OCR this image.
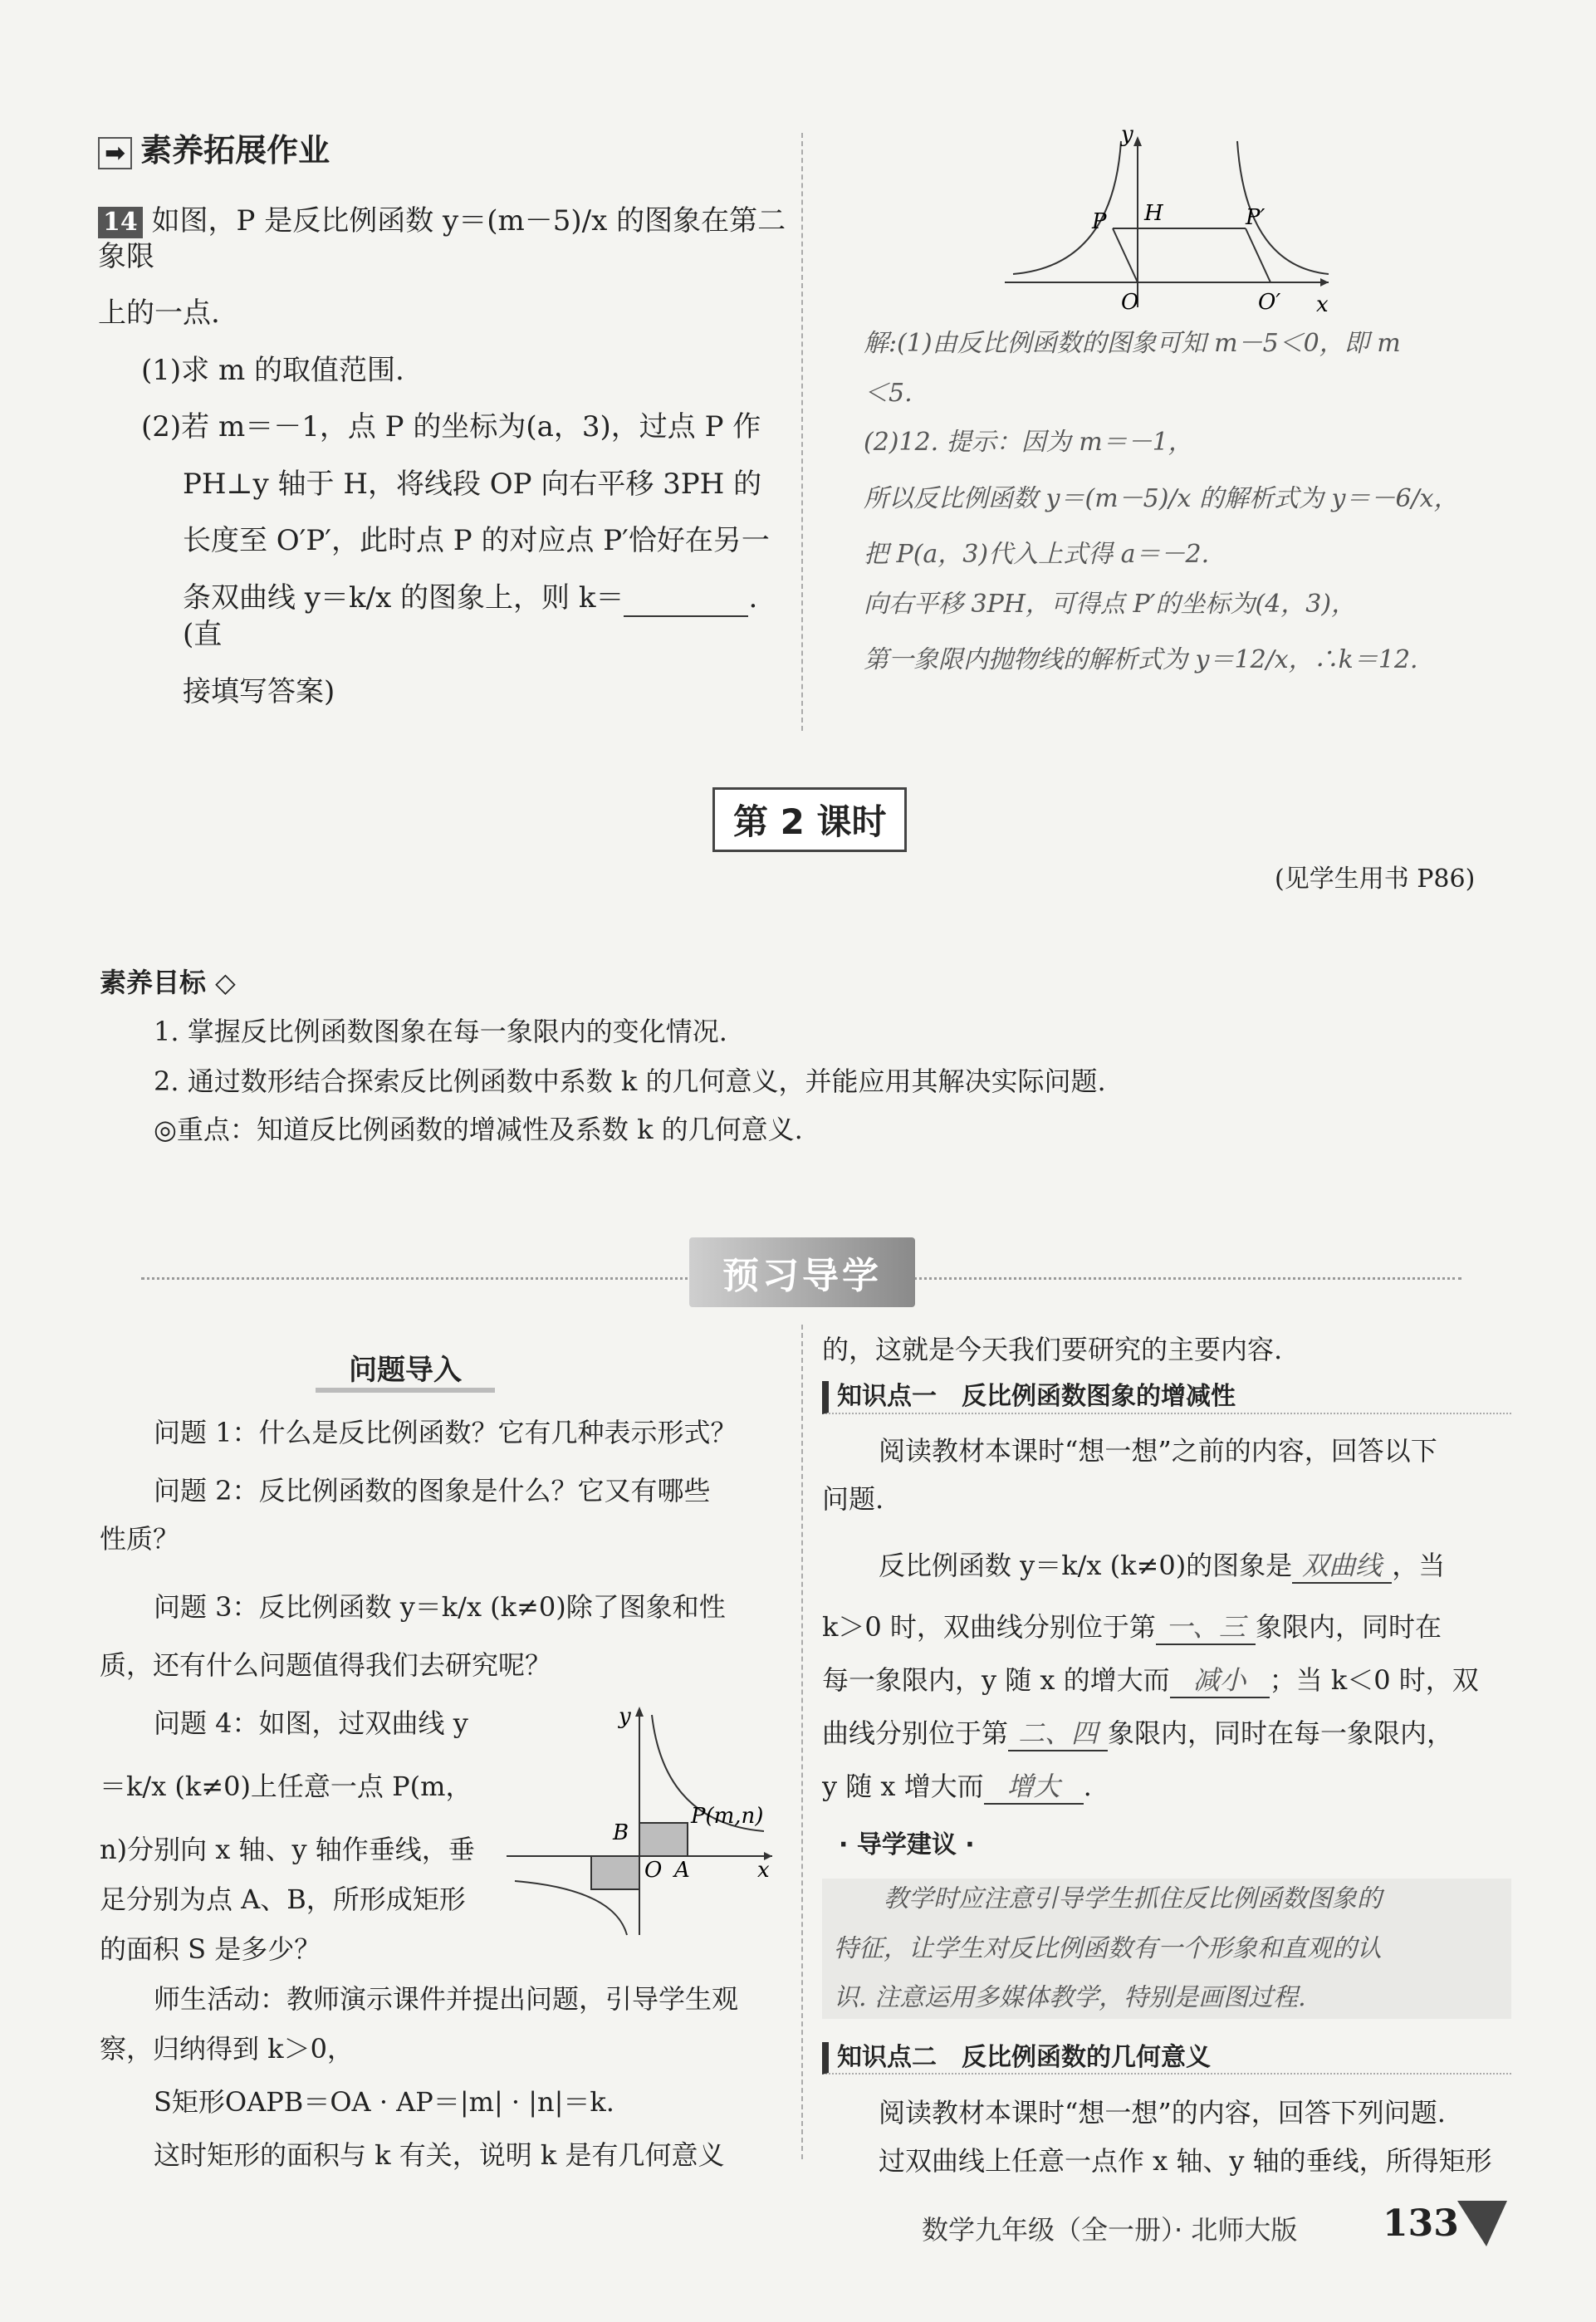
➡ 素养拓展作业
14 如图，P 是反比例函数 y＝(m－5)/x 的图象在第二象限
上的一点.
(1)求 m 的取值范围.
(2)若 m＝－1，点 P 的坐标为(a，3)，过点 P 作
PH⊥y 轴于 H，将线段 OP 向右平移 3PH 的
长度至 O′P′，此时点 P 的对应点 P′恰好在另一
条双曲线 y＝k/x 的图象上，则 k＝	.(直
接填写答案)
y
H
P	P′
O	O′ x
解:(1)由反比例函数的图象可知 m－5＜0，即 m
＜5.
(2)12. 提示：因为 m＝－1，
所以反比例函数 y＝(m－5)/x 的解析式为 y＝－6/x，
把 P(a，3)代入上式得 a＝－2.
向右平移 3PH，可得点 P′的坐标为(4，3)，
第一象限内抛物线的解析式为 y＝12/x，∴k＝12.
第 2 课时
(见学生用书 P86)
素养目标 ◇
1. 掌握反比例函数图象在每一象限内的变化情况.
2. 通过数形结合探索反比例函数中系数 k 的几何意义，并能应用其解决实际问题.
◎重点：知道反比例函数的增减性及系数 k 的几何意义.
预习导学
问题导入
问题 1：什么是反比例函数？它有几种表示形式？
问题 2：反比例函数的图象是什么？它又有哪些
性质？
问题 3：反比例函数 y＝k/x (k≠0)除了图象和性
质，还有什么问题值得我们去研究呢？
问题 4：如图，过双曲线 y
＝k/x (k≠0)上任意一点 P(m，
n)分别向 x 轴、y 轴作垂线，垂
足分别为点 A、B，所形成矩形
的面积 S 是多少？
师生活动：教师演示课件并提出问题，引导学生观
察，归纳得到 k＞0，
S矩形OAPB＝OA · AP＝|m| · |n|＝k.
这时矩形的面积与 k 有关，说明 k 是有几何意义
y
B
P(m,n)
O A	x
的，这就是今天我们要研究的主要内容.
知识点一　反比例函数图象的增减性
阅读教材本课时“想一想”之前的内容，回答以下
问题.
反比例函数 y＝k/x (k≠0)的图象是 双曲线 ，当
k＞0 时，双曲线分别位于第 一、三 象限内，同时在
每一象限内，y 随 x 的增大而 减小 ；当 k＜0 时，双
曲线分别位于第 二、四 象限内，同时在每一象限内，
y 随 x 增大而 增大 .
· 导学建议 ·
教学时应注意引导学生抓住反比例函数图象的
特征，让学生对反比例函数有一个形象和直观的认
识. 注意运用多媒体教学，特别是画图过程.
知识点二　反比例函数的几何意义
阅读教材本课时“想一想”的内容，回答下列问题.
过双曲线上任意一点作 x 轴、y 轴的垂线，所得矩形
数学九年级（全一册）· 北师大版 133
